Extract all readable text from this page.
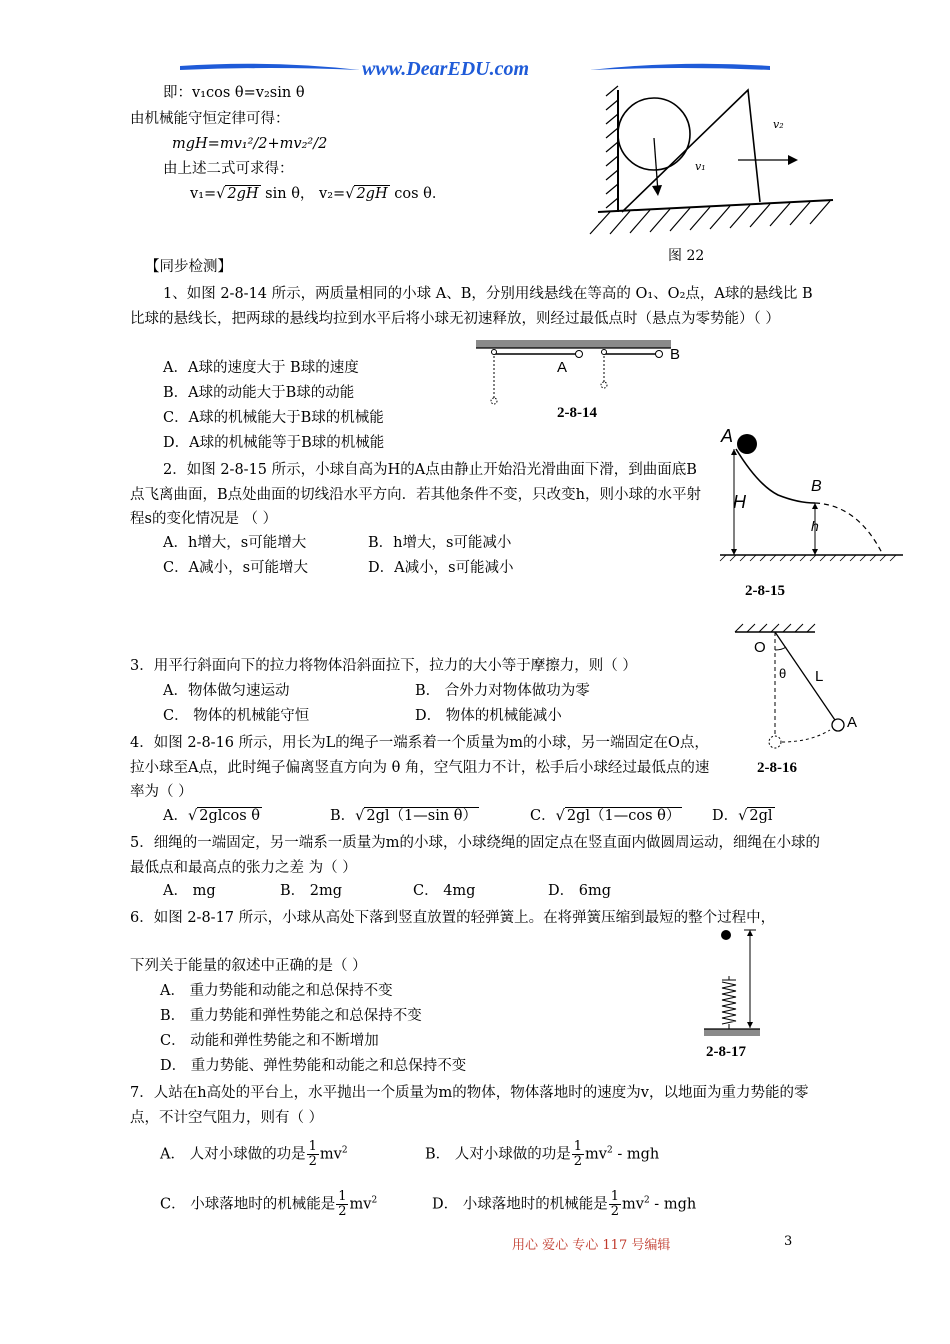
www.DearEDU.com
即：v₁cos θ=v₂sin θ
由机械能守恒定律可得：
mgH=mv₁²/2+mv₂²/2
由上述二式可求得：
v₁=√ 2gH sin θ， v₂=√ 2gH cos θ．
v₂
v₁
图 22
【同步检测】
1、如图 2-8-14 所示，两质量相同的小球 A、B，分别用线悬线在等高的 O₁、O₂点，A球的悬线比 B比球的悬线长，把两球的悬线均拉到水平后将小球无初速释放，则经过最低点时（悬点为零势能）（ ）
A．A球的速度大于 B球的速度
B．A球的动能大于B球的动能
C．A球的机械能大于B球的机械能
D．A球的机械能等于B球的机械能
B
A
2-8-14
2．如图 2-8-15 所示，小球自高为H的A点由静止开始沿光滑曲面下滑，到曲面底B点飞离曲面，B点处曲面的切线沿水平方向．若其他条件不变，只改变h，则小球的水平射程s的变化情况是 （ ）
A．h增大，s可能增大	B．h增大，s可能减小
C．A减小，s可能增大	D．A减小，s可能减小
A
B
H
h
2-8-15
3．用平行斜面向下的拉力将物体沿斜面拉下，拉力的大小等于摩擦力，则（ ）
A．物体做匀速运动	B． 合外力对物体做功为零
C． 物体的机械能守恒	D． 物体的机械能减小
O
θ L
A
2-8-16
4．如图 2-8-16 所示，用长为L的绳子一端系着一个质量为m的小球，另一端固定在O点，拉小球至A点，此时绳子偏离竖直方向为 θ 角，空气阻力不计，松手后小球经过最低点的速率为（ ）
A．√ 2glcos θ	B．√ 2gl（1—sin θ）	C．√ 2gl（1—cos θ） D．√ 2gl
5．细绳的一端固定，另一端系一质量为m的小球，小球绕绳的固定点在竖直面内做圆周运动，细绳在小球的最低点和最高点的张力之差 为（ ）
A． mg	B． 2mg	C． 4mg	D． 6mg
6．如图 2-8-17 所示，小球从高处下落到竖直放置的轻弹簧上。在将弹簧压缩到最短的整个过程中，
下列关于能量的叙述中正确的是（ ）
A． 重力势能和动能之和总保持不变
B． 重力势能和弹性势能之和总保持不变
C． 动能和弹性势能之和不断增加
D． 重力势能、弹性势能和动能之和总保持不变
2-8-17
7．人站在h高处的平台上，水平抛出一个质量为m的物体，物体落地时的速度为v，以地面为重力势能的零点，不计空气阻力，则有（ ）
A． 人对小球做的功是 $\frac{1}{2} mv^2$	B． 人对小球做的功是 $\frac{1}{2} mv^2$ - mgh
C． 小球落地时的机械能是 $\frac{1}{2} mv^2$	D． 小球落地时的机械能是 $\frac{1}{2} mv^2$ - mgh
用心 爱心 专心 117 号编辑	3
